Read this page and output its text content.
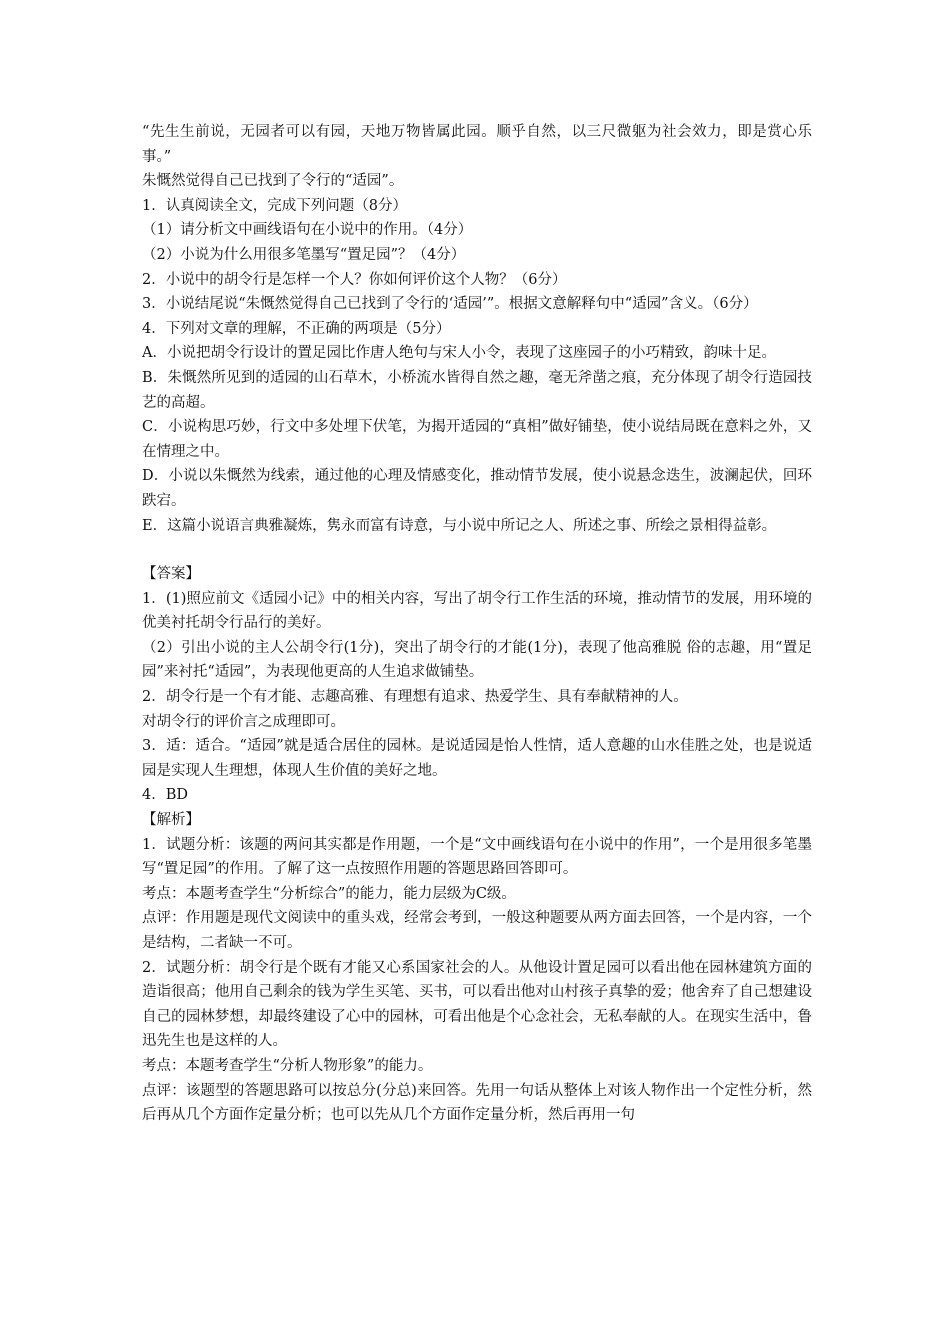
“先生生前说，无园者可以有园，天地万物皆属此园。顺乎自然，以三尺微躯为社会效力，即是赏心乐事。”

朱慨然觉得自己已找到了令行的“适园”。

1．认真阅读全文，完成下列问题（8分）

（1）请分析文中画线语句在小说中的作用。（4分）

（2）小说为什么用很多笔墨写“置足园”？（4分）

2．小说中的胡令行是怎样一个人？你如何评价这个人物？（6分）

3．小说结尾说“朱慨然觉得自己已找到了令行的‘适园’”。根据文意解释句中“适园”含义。（6分）

4．下列对文章的理解，不正确的两项是（5分）

A．小说把胡令行设计的置足园比作唐人绝句与宋人小令，表现了这座园子的小巧精致，韵味十足。

B．朱慨然所见到的适园的山石草木，小桥流水皆得自然之趣，毫无斧凿之痕，充分体现了胡令行造园技艺的高超。

C．小说构思巧妙，行文中多处埋下伏笔，为揭开适园的“真相”做好铺垫，使小说结局既在意料之外，又在情理之中。

D．小说以朱慨然为线索，通过他的心理及情感变化，推动情节发展，使小说悬念迭生，波澜起伏，回环跌宕。

E．这篇小说语言典雅凝炼，隽永而富有诗意，与小说中所记之人、所述之事、所绘之景相得益彰。

【答案】

1．(1)照应前文《适园小记》中的相关内容，写出了胡令行工作生活的环境，推动情节的发展，用环境的优美衬托胡令行品行的美好。

（2）引出小说的主人公胡令行(1分)，突出了胡令行的才能(1分)，表现了他高雅脱 俗的志趣，用“置足园”来衬托“适园”，为表现他更高的人生追求做铺垫。

2．胡令行是一个有才能、志趣高雅、有理想有追求、热爱学生、具有奉献精神的人。

对胡令行的评价言之成理即可。

3．适：适合。“适园”就是适合居住的园林。是说适园是怡人性情，适人意趣的山水佳胜之处，也是说适园是实现人生理想，体现人生价值的美好之地。

4．BD

【解析】

1．试题分析：该题的两问其实都是作用题，一个是“文中画线语句在小说中的作用”，一个是用很多笔墨写“置足园”的作用。了解了这一点按照作用题的答题思路回答即可。

考点：本题考查学生“分析综合”的能力，能力层级为C级。

点评：作用题是现代文阅读中的重头戏，经常会考到，一般这种题要从两方面去回答，一个是内容，一个是结构，二者缺一不可。

2．试题分析：胡令行是个既有才能又心系国家社会的人。从他设计置足园可以看出他在园林建筑方面的造诣很高；他用自己剩余的钱为学生买笔、买书，可以看出他对山村孩子真挚的爱；他舍弃了自己想建设自己的园林梦想，却最终建设了心中的园林，可看出他是个心念社会，无私奉献的人。在现实生活中，鲁迅先生也是这样的人。

考点：本题考查学生“分析人物形象”的能力。

点评：该题型的答题思路可以按总分(分总)来回答。先用一句话从整体上对该人物作出一个定性分析，然后再从几个方面作定量分析；也可以先从几个方面作定量分析，然后再用一句
